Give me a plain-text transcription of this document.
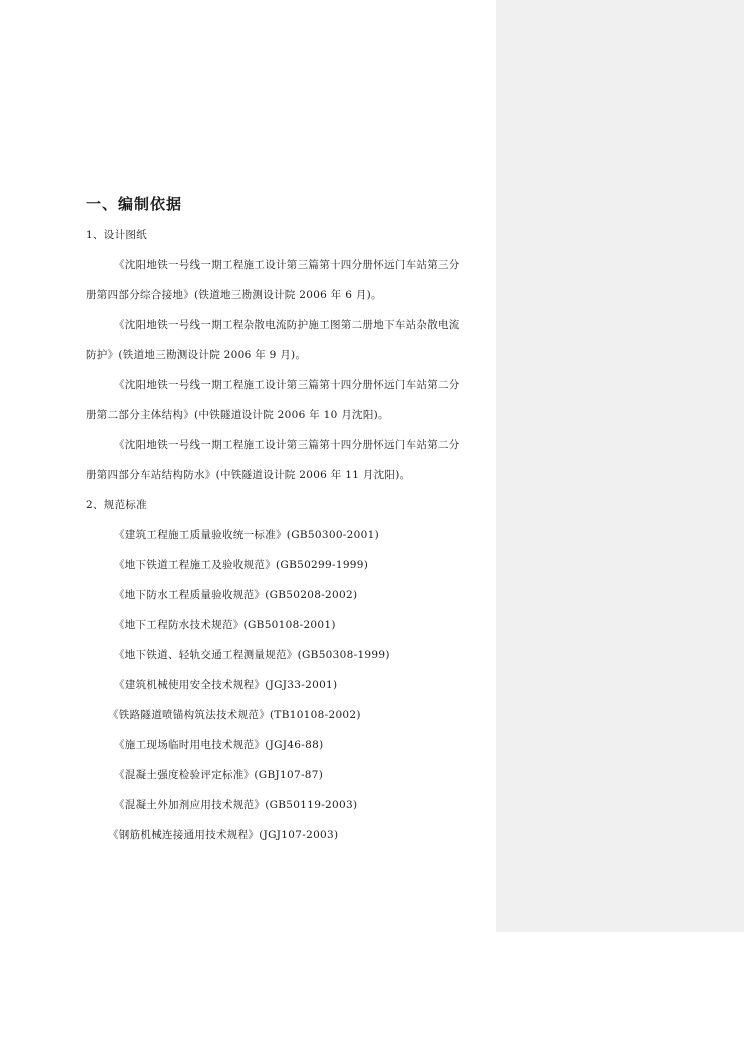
一、编制依据
1、设计图纸
《沈阳地铁一号线一期工程施工设计第三篇第十四分册怀远门车站第三分
册第四部分综合接地》(铁道地三勘测设计院 2006 年 6 月)。
《沈阳地铁一号线一期工程杂散电流防护施工图第二册地下车站杂散电流
防护》(铁道地三勘测设计院 2006 年 9 月)。
《沈阳地铁一号线一期工程施工设计第三篇第十四分册怀远门车站第二分
册第二部分主体结构》(中铁隧道设计院 2006 年 10 月沈阳)。
《沈阳地铁一号线一期工程施工设计第三篇第十四分册怀远门车站第二分
册第四部分车站结构防水》(中铁隧道设计院 2006 年 11 月沈阳)。
2、规范标准
《建筑工程施工质量验收统一标准》(GB50300-2001)
《地下铁道工程施工及验收规范》(GB50299-1999)
《地下防水工程质量验收规范》(GB50208-2002)
《地下工程防水技术规范》(GB50108-2001)
《地下铁道、轻轨交通工程测量规范》(GB50308-1999)
《建筑机械使用安全技术规程》(JGJ33-2001)
《铁路隧道喷锚构筑法技术规范》(TB10108-2002)
《施工现场临时用电技术规范》(JGJ46-88)
《混凝土强度检验评定标准》(GBJ107-87)
《混凝土外加剂应用技术规范》(GB50119-2003)
《钢筋机械连接通用技术规程》(JGJ107-2003)
